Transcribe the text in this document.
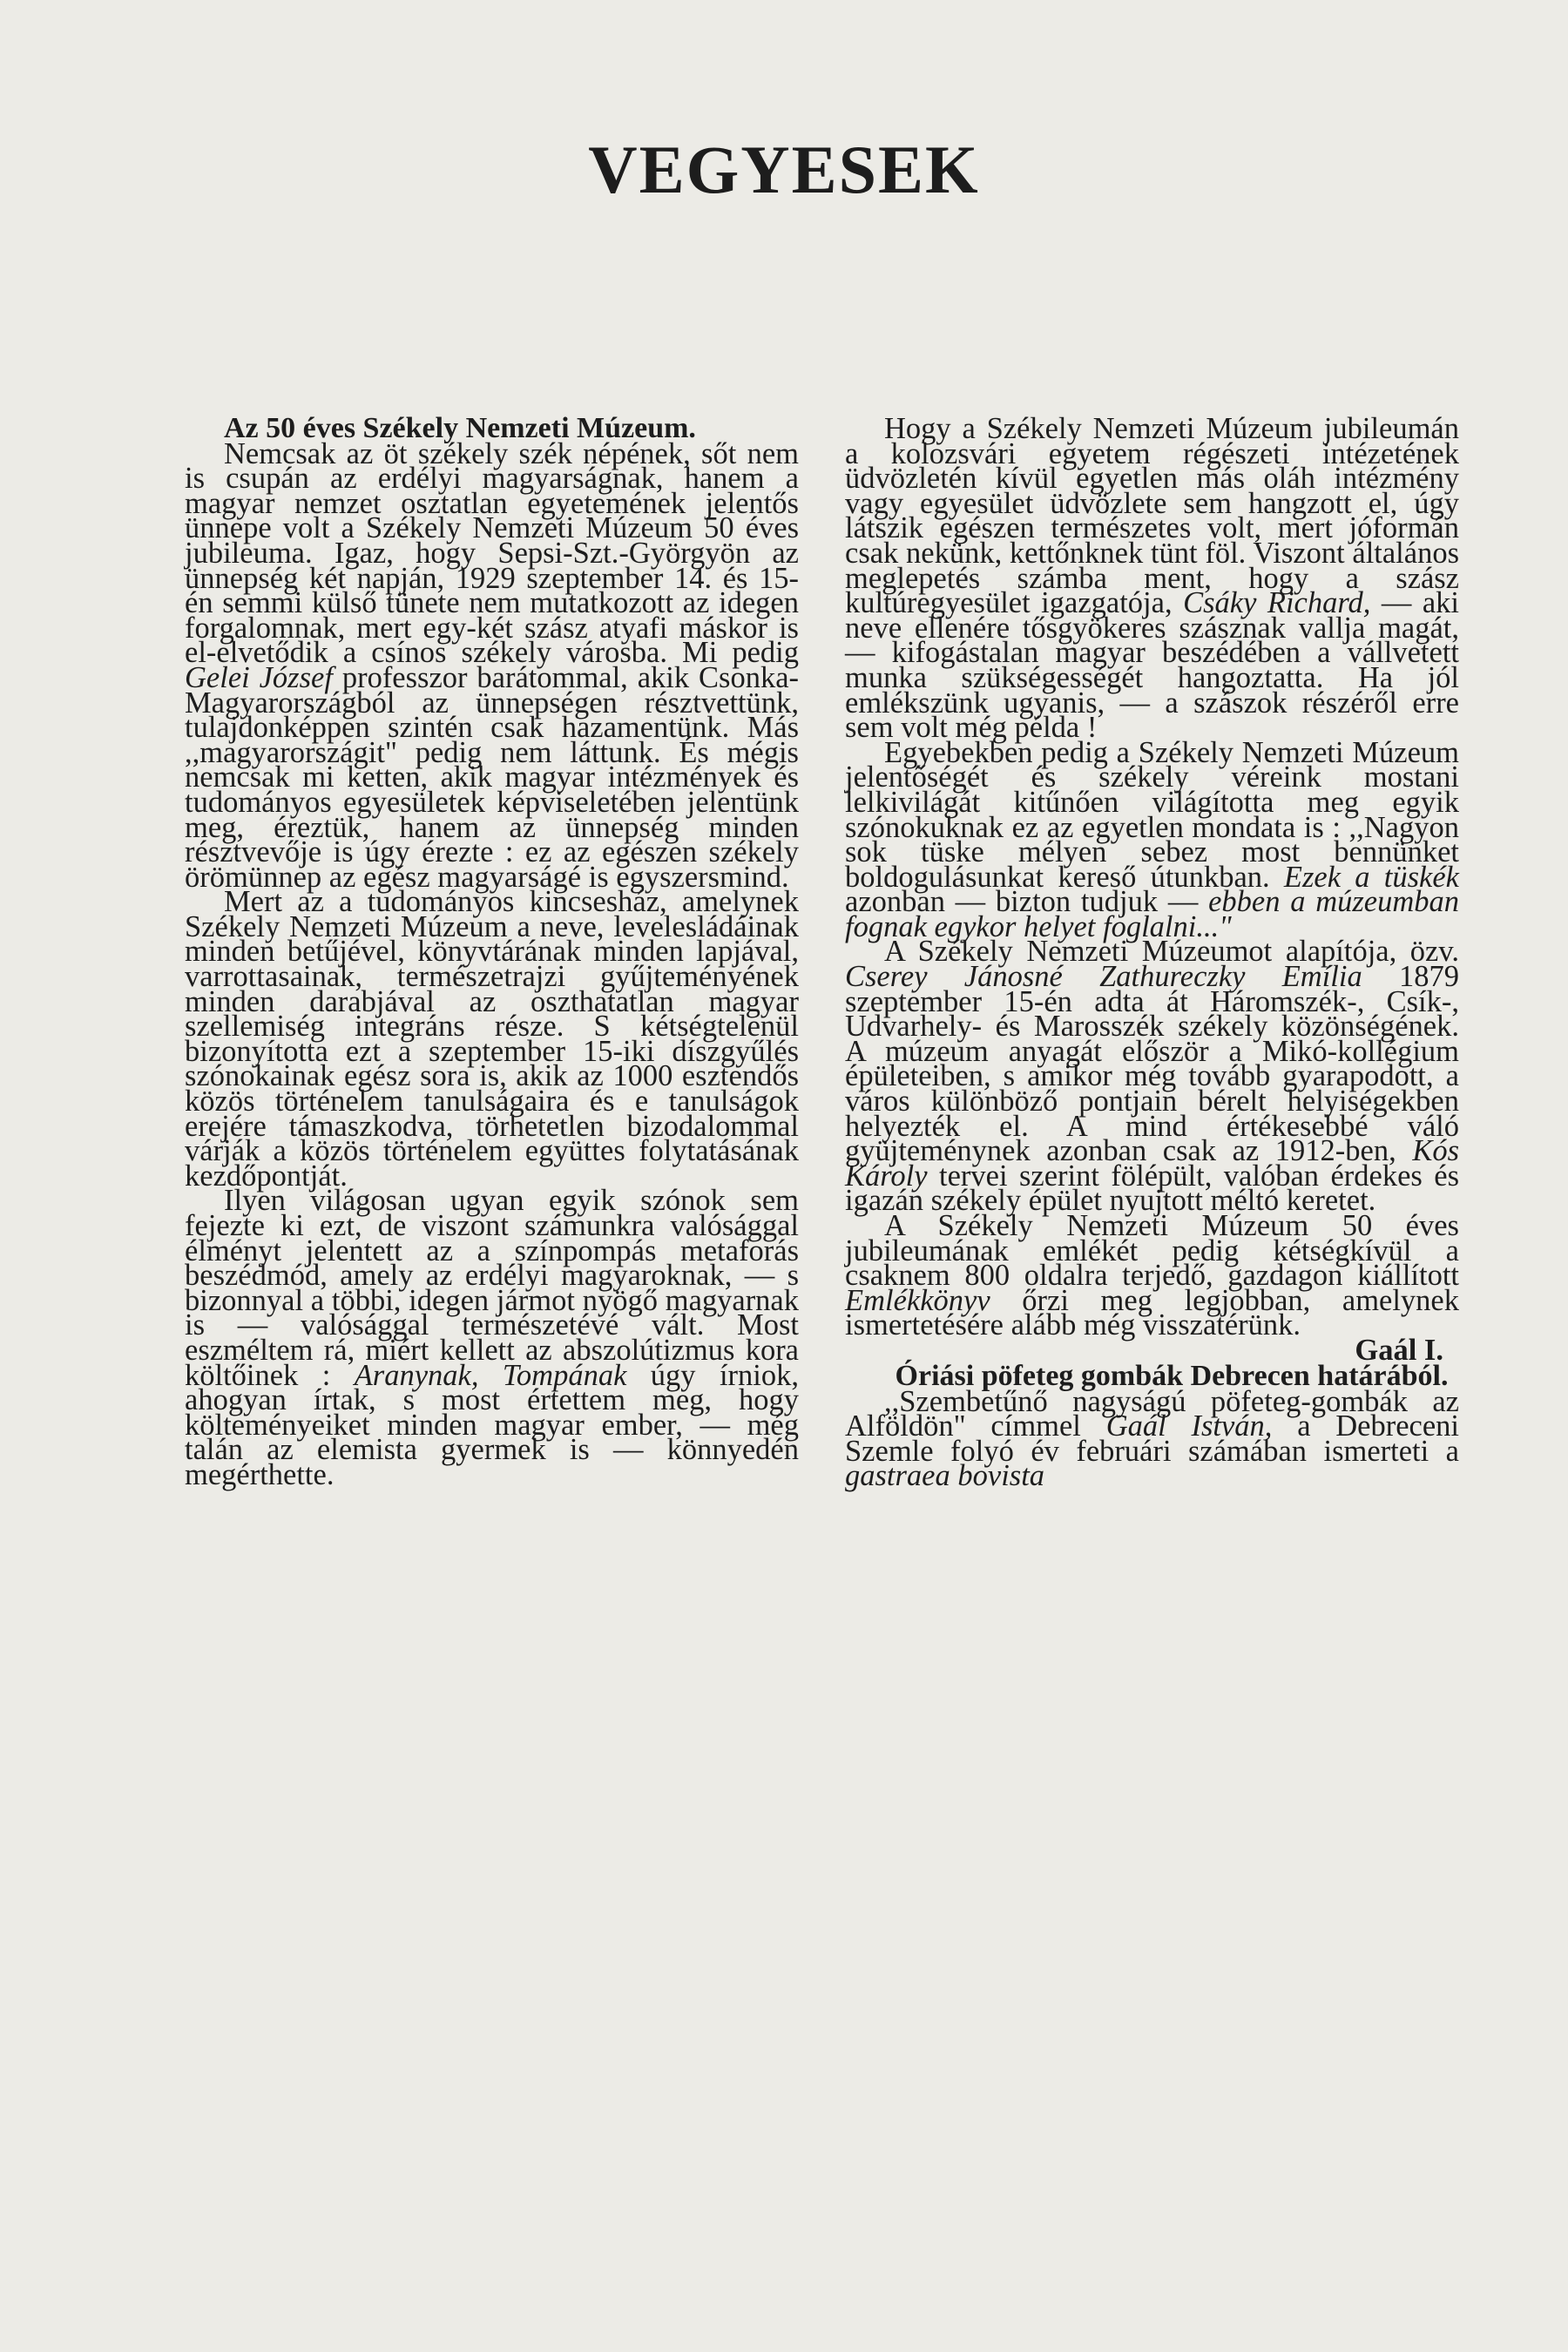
VEGYESEK

Az 50 éves Székely Nemzeti Múzeum.

Nemcsak az öt székely szék népének, sőt nem is csupán az erdélyi magyarságnak, hanem a magyar nemzet osztatlan egyetemének jelentős ünnepe volt a Székely Nemzeti Múzeum 50 éves jubileuma. Igaz, hogy Sepsi-Szt.-Györgyön az ünnepség két napján, 1929 szeptember 14. és 15-én semmi külső tünete nem mutatkozott az idegen forgalomnak, mert egy-két szász atyafi máskor is el-elvetődik a csínos székely városba. Mi pedig Gelei József professzor barátommal, akik Csonka-Magyarországból az ünnepségen résztvettünk, tulajdonképpen szintén csak hazamentünk. Más ,,magyarországit" pedig nem láttunk. És mégis nemcsak mi ketten, akik magyar intézmények és tudományos egyesületek képviseletében jelentünk meg, éreztük, hanem az ünnepség minden résztvevője is úgy érezte : ez az egészen székely örömünnep az egész magyarságé is egyszersmind.

Mert az a tudományos kincsesház, amelynek Székely Nemzeti Múzeum a neve, levelesládáinak minden betűjével, könyvtárának minden lapjával, varrottasainak, természetrajzi gyűjteményének minden darabjával az oszthatatlan magyar szellemiség integráns része. S kétségtelenül bizonyította ezt a szeptember 15-iki díszgyűlés szónokainak egész sora is, akik az 1000 esztendős közös történelem tanulságaira és e tanulságok erejére támaszkodva, törhetetlen bizodalommal várják a közös történelem együttes folytatásának kezdőpontját.

Ilyen világosan ugyan egyik szónok sem fejezte ki ezt, de viszont számunkra valósággal élményt jelentett az a színpompás metaforás beszédmód, amely az erdélyi magyaroknak, — s bizonnyal a többi, idegen jármot nyögő magyarnak is — valósággal természetévé vált. Most eszméltem rá, miért kellett az abszolútizmus kora költőinek : Aranynak, Tompának úgy írniok, ahogyan írtak, s most értettem meg, hogy költeményeiket minden magyar ember, — még talán az elemista gyermek is — könnyedén megérthette.

Hogy a Székely Nemzeti Múzeum jubileumán a kolozsvári egyetem régészeti intézetének üdvözletén kívül egyetlen más oláh intézmény vagy egyesület üdvözlete sem hangzott el, úgy látszik egészen természetes volt, mert jóformán csak nekünk, kettőnknek tünt föl. Viszont általános meglepetés számba ment, hogy a szász kultúregyesület igazgatója, Csáky Richard, — aki neve ellenére tősgyökeres szásznak vallja magát, — kifogástalan magyar beszédében a vállvetett munka szükségességét hangoztatta. Ha jól emlékszünk ugyanis, — a szászok részéről erre sem volt még példa !

Egyebekben pedig a Székely Nemzeti Múzeum jelentőségét és székely véreink mostani lelkivilágát kitűnően világította meg egyik szónokuknak ez az egyetlen mondata is : ,,Nagyon sok tüske mélyen sebez most bennünket boldogulásunkat kereső útunkban. Ezek a tüskék azonban — bizton tudjuk — ebben a múzeumban fognak egykor helyet foglalni..."

A Székely Nemzeti Múzeumot alapítója, özv. Cserey Jánosné Zathureczky Emília 1879 szeptember 15-én adta át Háromszék-, Csík-, Udvarhely- és Marosszék székely közönségének. A múzeum anyagát először a Mikó-kollégium épületeiben, s amikor még tovább gyarapodott, a város különböző pontjain bérelt helyiségekben helyezték el. A mind értékesebbé váló gyüjteménynek azonban csak az 1912-ben, Kós Károly tervei szerint fölépült, valóban érdekes és igazán székely épület nyujtott méltó keretet.

A Székely Nemzeti Múzeum 50 éves jubileumának emlékét pedig kétségkívül a csaknem 800 oldalra terjedő, gazdagon kiállított Emlékkönyv őrzi meg legjobban, amelynek ismertetésére alább még visszatérünk.

Gaál I.

Óriási pöfeteg gombák Debrecen határából.

,,Szembetűnő nagyságú pöfeteg-gombák az Alföldön" címmel Gaál István, a Debreceni Szemle folyó év februári számában ismerteti a gastraea bovista
